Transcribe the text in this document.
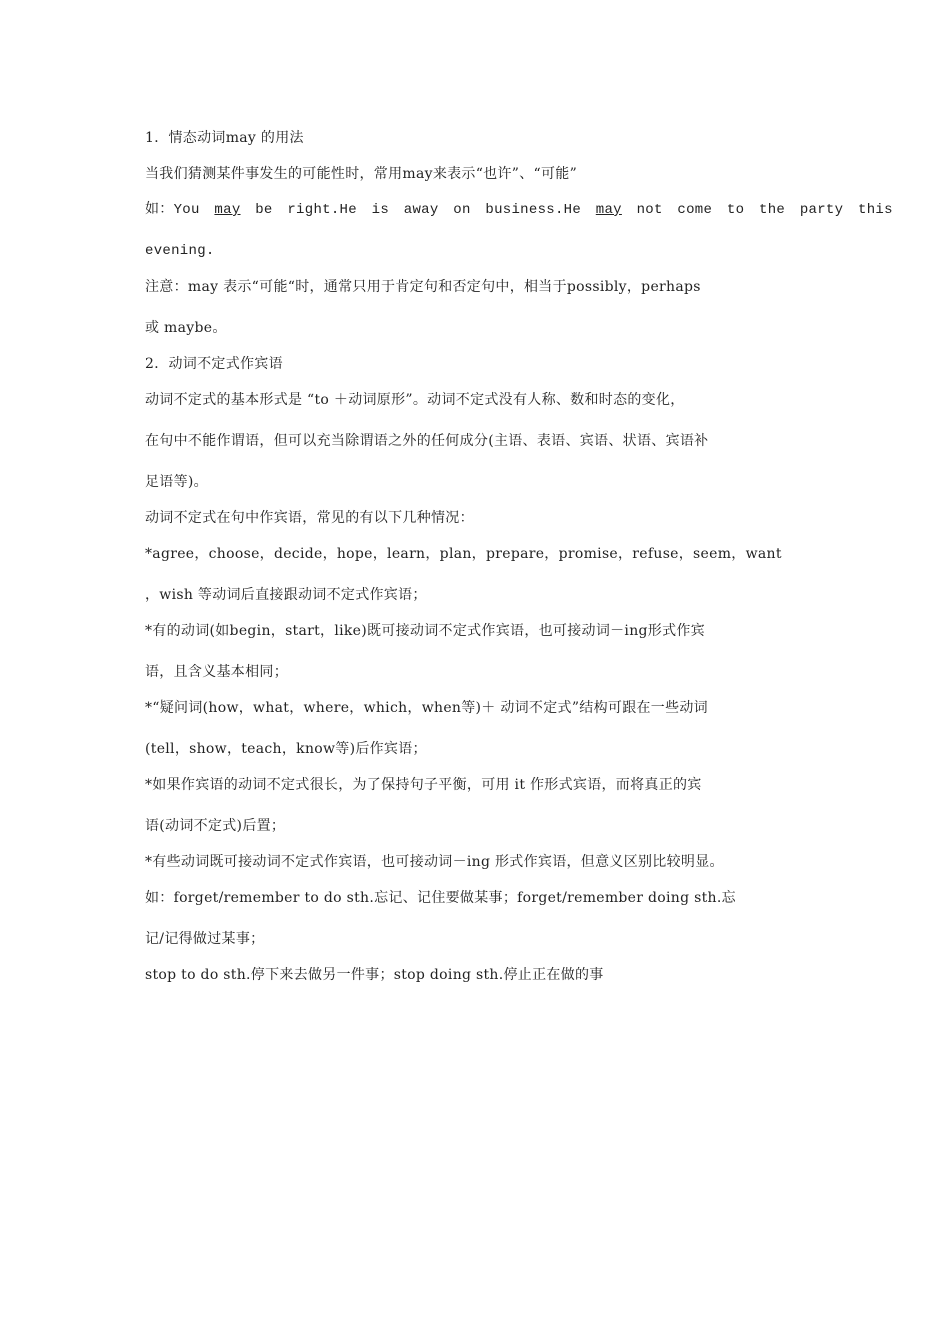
1．情态动词may 的用法
当我们猜测某件事发生的可能性时，常用may来表示“也许”、“可能”
如：You may be right.He is away on business.He may not come to the party this
evening.
注意：may 表示“可能“时，通常只用于肯定句和否定句中，相当于possibly，perhaps
或 maybe。
2．动词不定式作宾语
动词不定式的基本形式是 “to ＋动词原形”。动词不定式没有人称、数和时态的变化，
在句中不能作谓语，但可以充当除谓语之外的任何成分(主语、表语、宾语、状语、宾语补
足语等)。
动词不定式在句中作宾语，常见的有以下几种情况：
*agree，choose，decide，hope，learn，plan，prepare，promise，refuse，seem，want
，wish 等动词后直接跟动词不定式作宾语；
*有的动词(如begin，start，like)既可接动词不定式作宾语，也可接动词－ing形式作宾
语，且含义基本相同；
*“疑问词(how，what，where，which，when等)＋ 动词不定式”结构可跟在一些动词
(tell，show，teach，know等)后作宾语；
*如果作宾语的动词不定式很长，为了保持句子平衡，可用 it 作形式宾语，而将真正的宾
语(动词不定式)后置；
*有些动词既可接动词不定式作宾语，也可接动词－ing 形式作宾语，但意义区别比较明显。
如：forget/remember to do sth.忘记、记住要做某事；forget/remember doing sth.忘
记/记得做过某事；
stop to do sth.停下来去做另一件事；stop doing sth.停止正在做的事
